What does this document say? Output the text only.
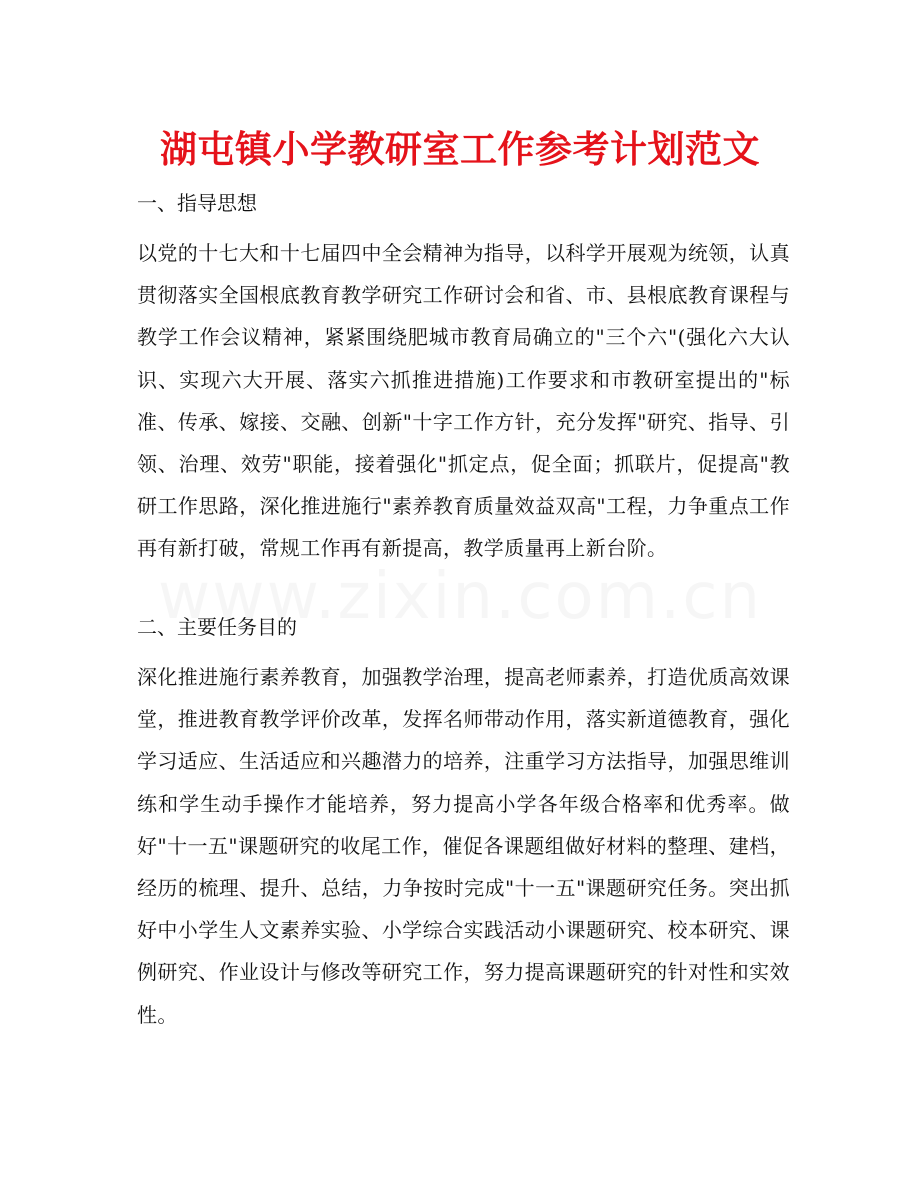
湖屯镇小学教研室工作参考计划范文
一、指导思想

以党的十七大和十七届四中全会精神为指导，以科学开展观为统领，认真贯彻落实全国根底教育教学研究工作研讨会和省、市、县根底教育课程与教学工作会议精神，紧紧围绕肥城市教育局确立的"三个六"(强化六大认识、实现六大开展、落实六抓推进措施)工作要求和市教研室提出的"标准、传承、嫁接、交融、创新"十字工作方针，充分发挥"研究、指导、引领、治理、效劳"职能，接着强化"抓定点，促全面；抓联片，促提高"教研工作思路，深化推进施行"素养教育质量效益双高"工程，力争重点工作再有新打破，常规工作再有新提高，教学质量再上新台阶。

二、主要任务目的

深化推进施行素养教育，加强教学治理，提高老师素养，打造优质高效课堂，推进教育教学评价改革，发挥名师带动作用，落实新道德教育，强化学习适应、生活适应和兴趣潜力的培养，注重学习方法指导，加强思维训练和学生动手操作才能培养，努力提高小学各年级合格率和优秀率。做好"十一五"课题研究的收尾工作，催促各课题组做好材料的整理、建档，经历的梳理、提升、总结，力争按时完成"十一五"课题研究任务。突出抓好中小学生人文素养实验、小学综合实践活动小课题研究、校本研究、课例研究、作业设计与修改等研究工作，努力提高课题研究的针对性和实效性。
